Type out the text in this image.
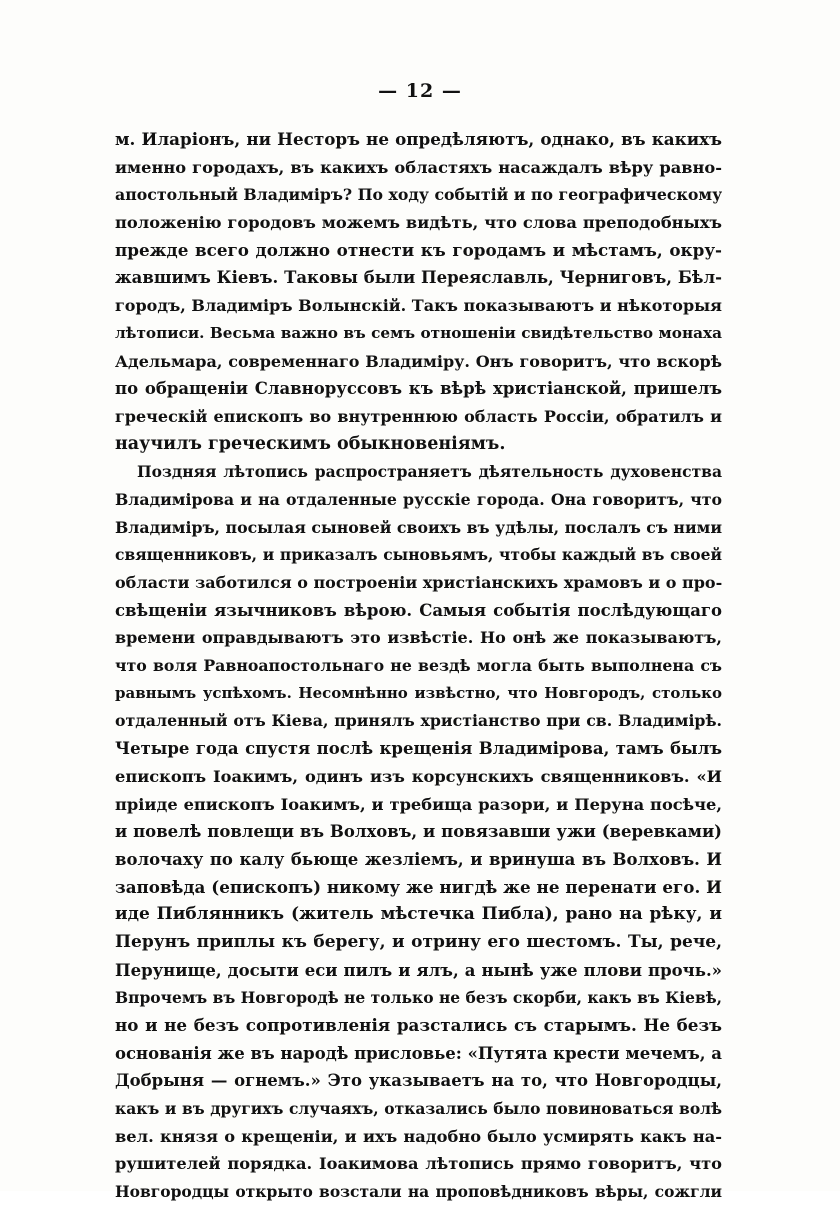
— 12 —
м. Иларіонъ, ни Несторъ не опредѣляютъ, однако, въ какихъ
именно городахъ, въ какихъ областяхъ насаждалъ вѣру равно-
апостольный Владиміръ? По ходу событій и по географическому
положенію городовъ можемъ видѣть, что слова преподобныхъ
прежде всего должно отнести къ городамъ и мѣстамъ, окру-
жавшимъ Кіевъ. Таковы были Переяславль, Черниговъ, Бѣл-
городъ, Владиміръ Волынскій. Такъ показываютъ и нѣкоторыя
лѣтописи. Весьма важно въ семъ отношеніи свидѣтельство монаха
Адельмара, современнаго Владиміру. Онъ говоритъ, что вскорѣ
по обращеніи Славноруссовъ къ вѣрѣ христіанской, пришелъ
греческій епископъ во внутреннюю область Россіи, обратилъ и
научилъ греческимъ обыкновеніямъ.
Поздняя лѣтопись распространяетъ дѣятельность духовенства
Владимірова и на отдаленные русскіе города. Она говоритъ, что
Владиміръ, посылая сыновей своихъ въ удѣлы, послалъ съ ними
священниковъ, и приказалъ сыновьямъ, чтобы каждый въ своей
области заботился о построеніи христіанскихъ храмовъ и о про-
свѣщеніи язычниковъ вѣрою. Самыя событія послѣдующаго
времени оправдываютъ это извѣстіе. Но онѣ же показываютъ,
что воля Равноапостольнаго не вездѣ могла быть выполнена съ
равнымъ успѣхомъ. Несомнѣнно извѣстно, что Новгородъ, столько
отдаленный отъ Кіева, принялъ христіанство при св. Владимірѣ.
Четыре года спустя послѣ крещенія Владимірова, тамъ былъ
епископъ Іоакимъ, одинъ изъ корсунскихъ священниковъ. «И
пріиде епископъ Іоакимъ, и требища разори, и Перуна посѣче,
и повелѣ повлещи въ Волховъ, и повязавши ужи (веревками)
волочаху по калу бьюще жезліемъ, и вринуша въ Волховъ. И
заповѣда (епископъ) никому же нигдѣ же не перенати его. И
иде Пиблянникъ (житель мѣстечка Пибла), рано на рѣку, и
Перунъ приплы къ берегу, и отрину его шестомъ. Ты, рече,
Перунище, досыти еси пилъ и ялъ, а нынѣ уже плови прочь.»
Впрочемъ въ Новгородѣ не только не безъ скорби, какъ въ Кіевѣ,
но и не безъ сопротивленія разстались съ старымъ. Не безъ
основанія же въ народѣ присловье: «Путята крести мечемъ, а
Добрыня — огнемъ.» Это указываетъ на то, что Новгородцы,
какъ и въ другихъ случаяхъ, отказались было повиноваться волѣ
вел. князя о крещеніи, и ихъ надобно было усмирять какъ на-
рушителей порядка. Іоакимова лѣтопись прямо говоритъ, что
Новгородцы открыто возстали на проповѣдниковъ вѣры, сожгли
